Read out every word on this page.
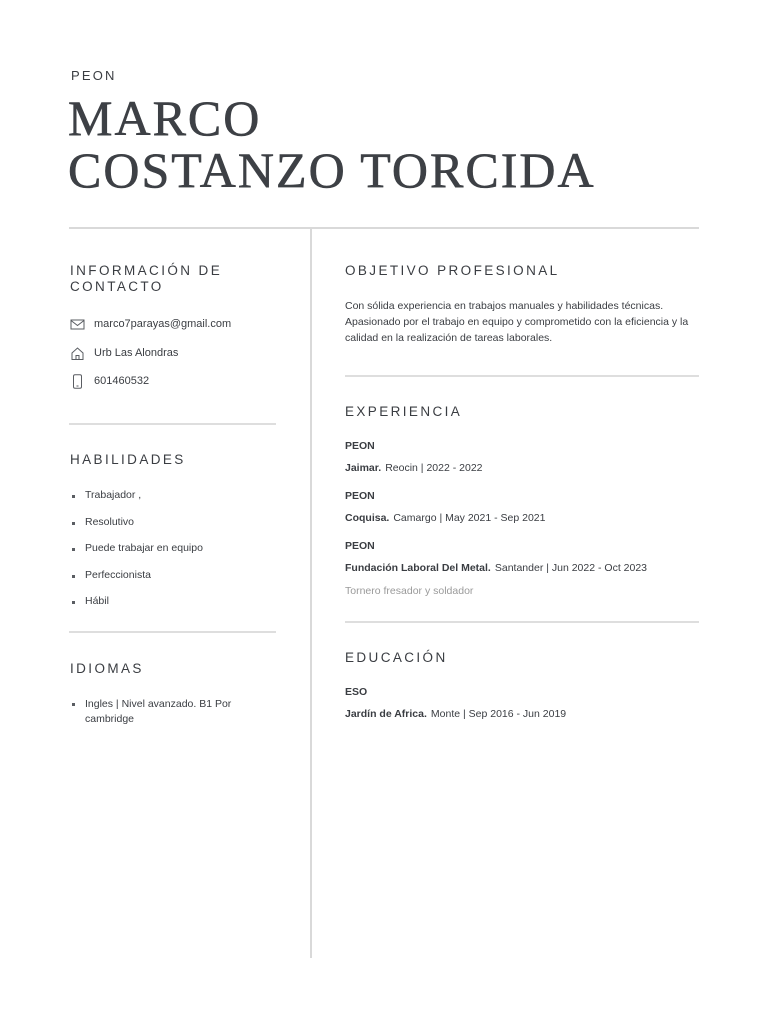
PEON
MARCO
COSTANZO TORCIDA
INFORMACIÓN DE
CONTACTO
marco7parayas@gmail.com
Urb Las Alondras
601460532
HABILIDADES
Trabajador ,
Resolutivo
Puede trabajar en equipo
Perfeccionista
Hábil
IDIOMAS
Ingles | Nivel avanzado. B1 Por cambridge
OBJETIVO PROFESIONAL

Con sólida experiencia en trabajos manuales y habilidades técnicas. Apasionado por el trabajo en equipo y comprometido con la eficiencia y la calidad en la realización de tareas laborales.

EXPERIENCIA
PEON
Jaimar. Reocin | 2022 - 2022
PEON
Coquisa. Camargo | May 2021 - Sep 2021
PEON
Fundación Laboral Del Metal. Santander | Jun 2022 - Oct 2023
Tornero fresador y soldador
EDUCACIÓN
ESO
Jardín de Africa. Monte | Sep 2016 - Jun 2019
